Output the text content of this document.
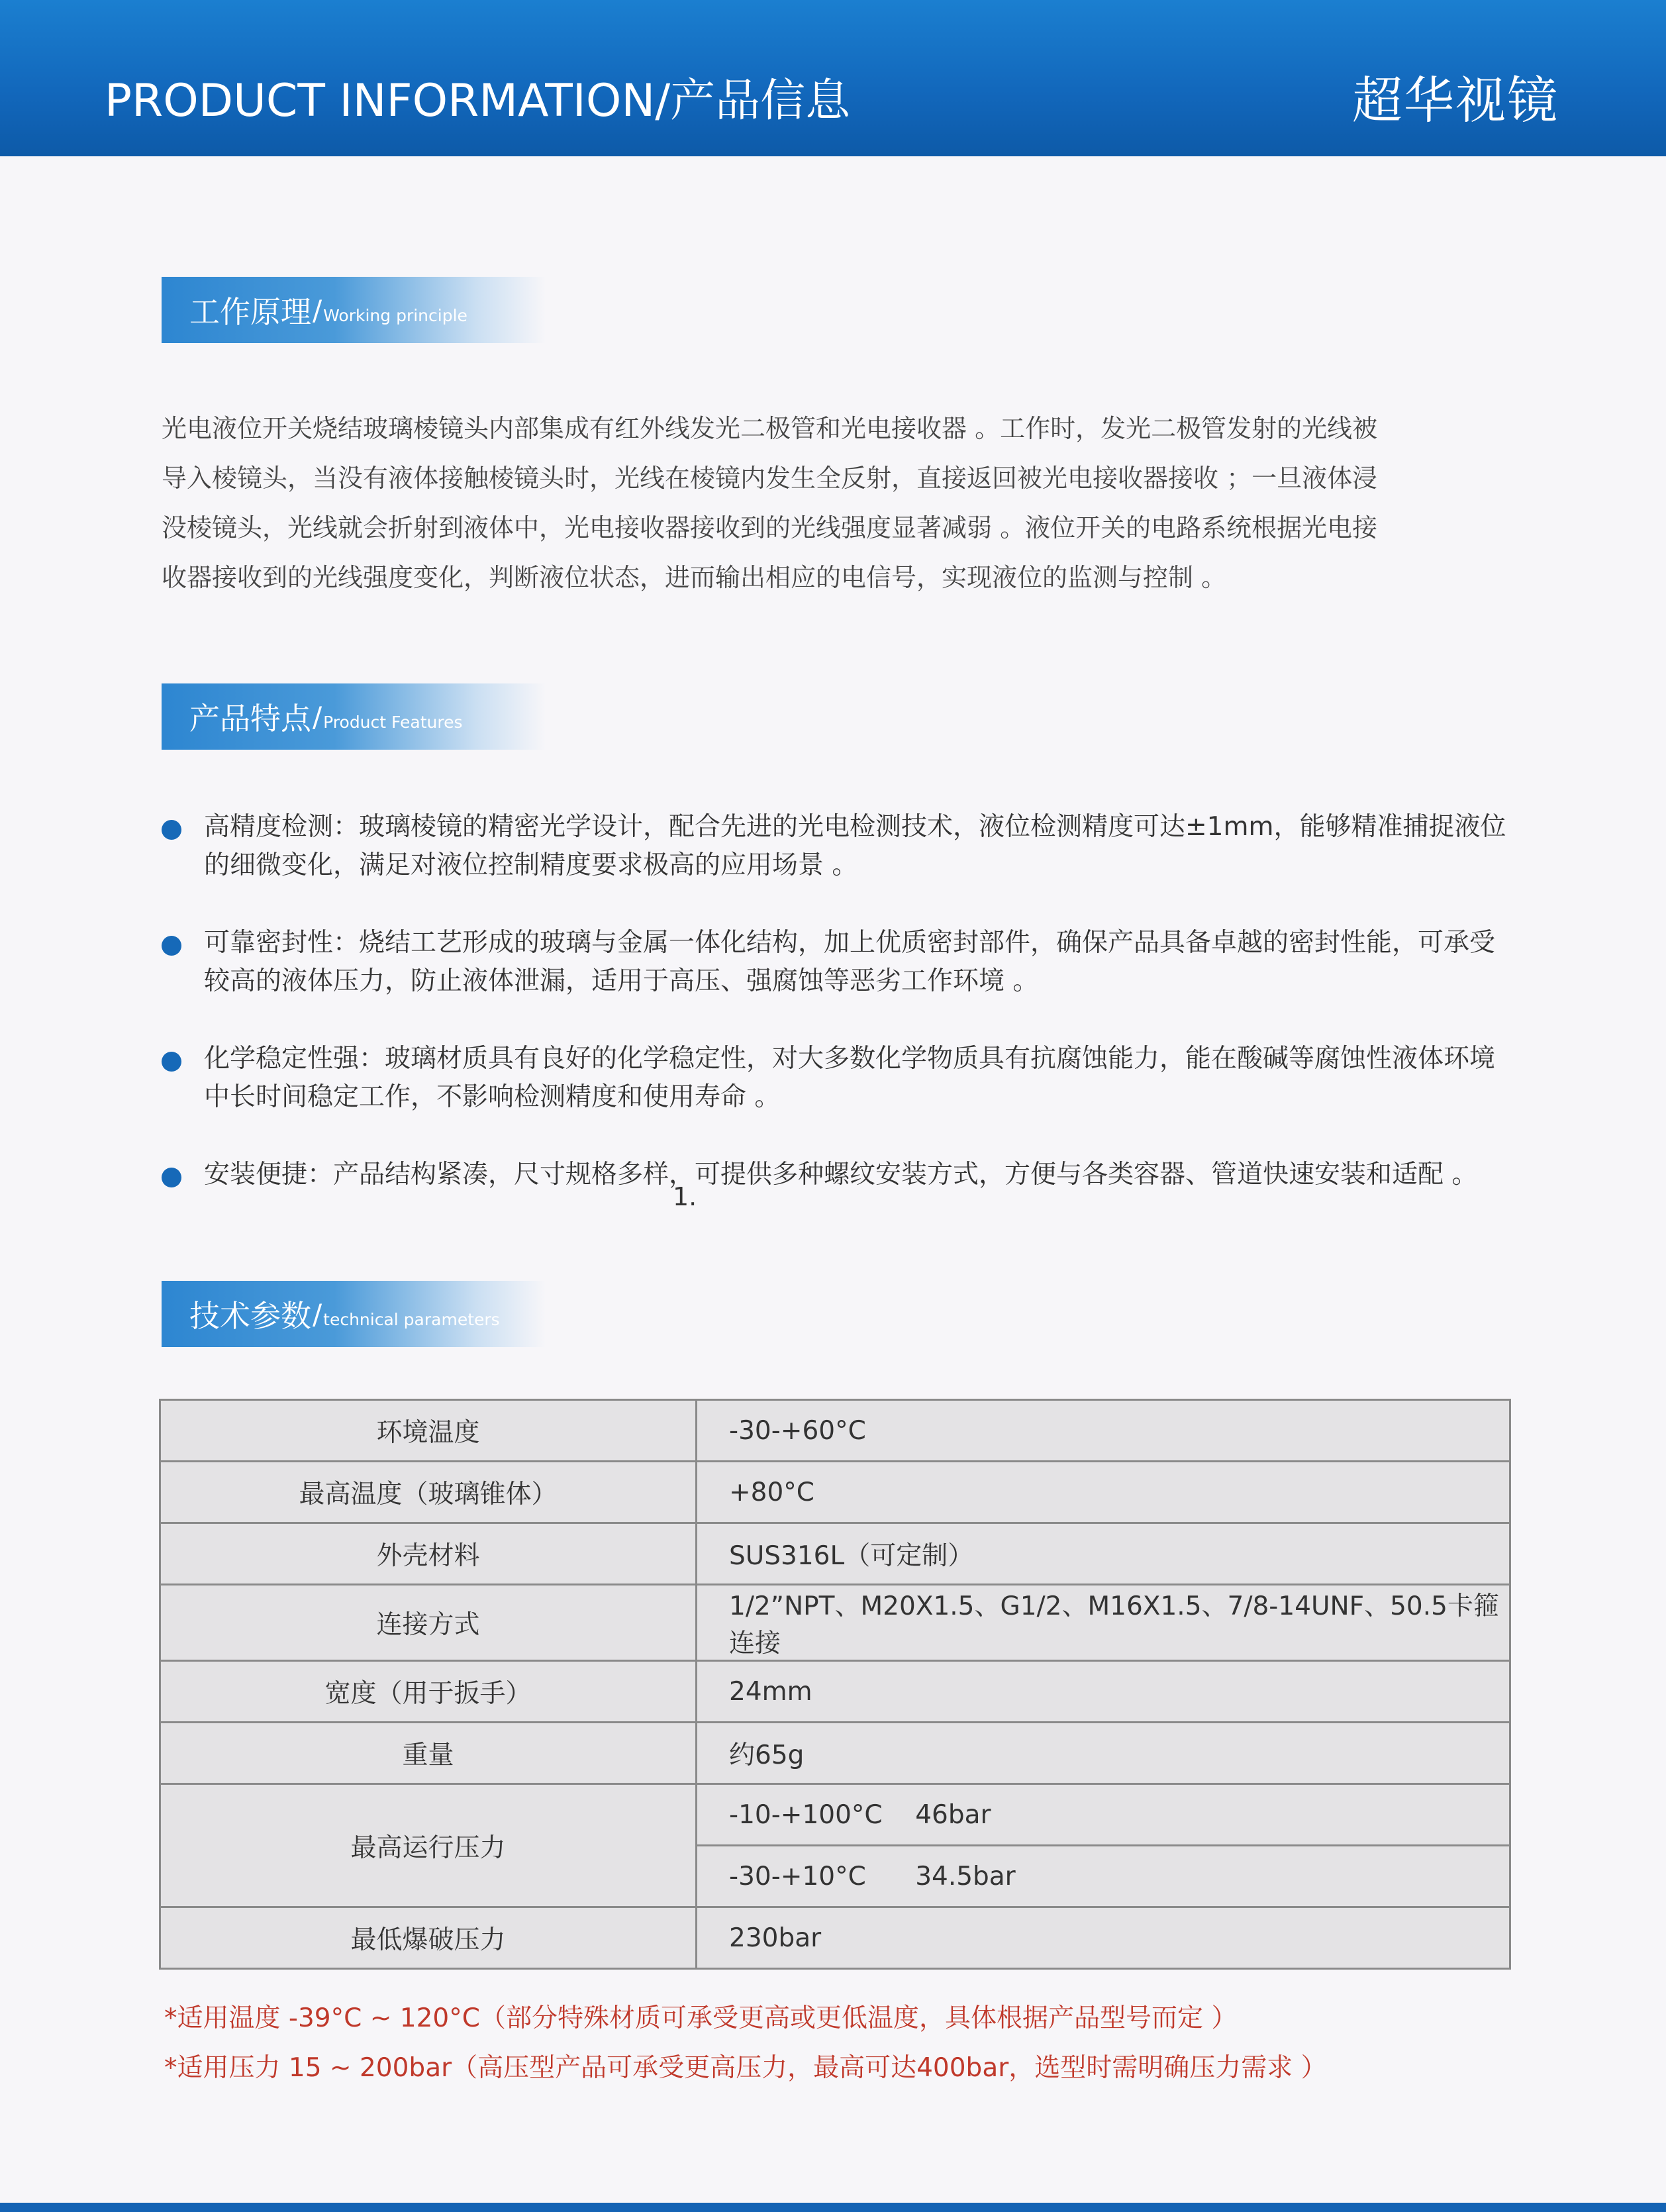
PRODUCT INFORMATION/产品信息	超华视镜
工作原理 / Working principle
光电液位开关烧结玻璃棱镜头内部集成有红外线发光二极管和光电接收器 。工作时，发光二极管发射的光线被
导入棱镜头，当没有液体接触棱镜头时，光线在棱镜内发生全反射，直接返回被光电接收器接收 ；一旦液体浸
没棱镜头，光线就会折射到液体中，光电接收器接收到的光线强度显著减弱 。液位开关的电路系统根据光电接
收器接收到的光线强度变化，判断液位状态，进而输出相应的电信号，实现液位的监测与控制 。
产品特点 / Product Features
高精度检测：玻璃棱镜的精密光学设计，配合先进的光电检测技术，液位检测精度可达±1mm，能够精准捕捉液位的细微变化，满足对液位控制精度要求极高的应用场景 。
可靠密封性：烧结工艺形成的玻璃与金属一体化结构，加上优质密封部件，确保产品具备卓越的密封性能，可承受较高的液体压力，防止液体泄漏，适用于高压、强腐蚀等恶劣工作环境 。
化学稳定性强：玻璃材质具有良好的化学稳定性，对大多数化学物质具有抗腐蚀能力，能在酸碱等腐蚀性液体环境中长时间稳定工作，不影响检测精度和使用寿命 。
安装便捷：产品结构紧凑，尺寸规格多样，可提供多种螺纹安装方式，方便与各类容器、管道快速安装和适配 。
1.
技术参数 / technical parameters
环境温度	-30-+60°C
最高温度（玻璃锥体）	+80°C
外壳材料	SUS316L（可定制）
连接方式	1/2”NPT、M20X1.5、G1/2、M16X1.5、7/8-14UNF、50.5卡箍连接
宽度（用于扳手）	24mm
重量	约65g
最高运行压力	-10-+100°C    46bar
	-30-+10°C      34.5bar
最低爆破压力	230bar
*适用温度 -39°C ~ 120°C（部分特殊材质可承受更高或更低温度，具体根据产品型号而定 ）
*适用压力 15 ~ 200bar（高压型产品可承受更高压力，最高可达400bar，选型时需明确压力需求 ）
